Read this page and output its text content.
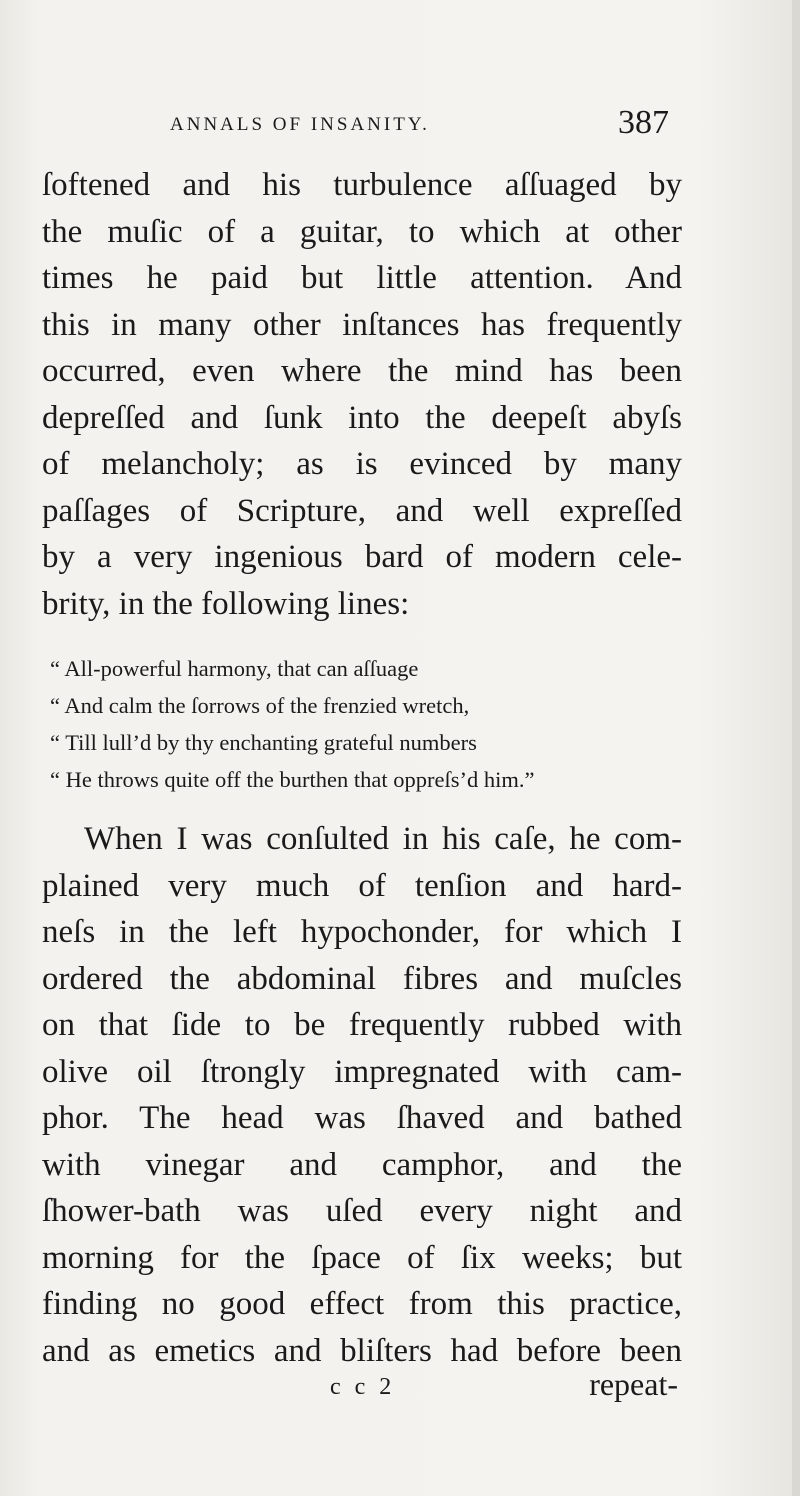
ANNALS OF INSANITY.	387
ſoftened and his turbulence aſſuaged by
the muſic of a guitar, to which at other
times he paid but little attention. And
this in many other inſtances has frequently
occurred, even where the mind has been
depreſſed and ſunk into the deepeſt abyſs
of melancholy; as is evinced by many
paſſages of Scripture, and well expreſſed
by a very ingenious bard of modern cele-
brity, in the following lines:
“ All-powerful harmony, that can aſſuage
“ And calm the ſorrows of the frenzied wretch,
“ Till lull’d by thy enchanting grateful numbers
“ He throws quite off the burthen that oppreſs’d him.”
When I was conſulted in his caſe, he com-
plained very much of tenſion and hard-
neſs in the left hypochonder, for which I
ordered the abdominal fibres and muſcles
on that ſide to be frequently rubbed with
olive oil ſtrongly impregnated with cam-
phor. The head was ſhaved and bathed
with vinegar and camphor, and the
ſhower-bath was uſed every night and
morning for the ſpace of ſix weeks; but
finding no good effect from this practice,
and as emetics and bliſters had before been
c c 2	repeat-
